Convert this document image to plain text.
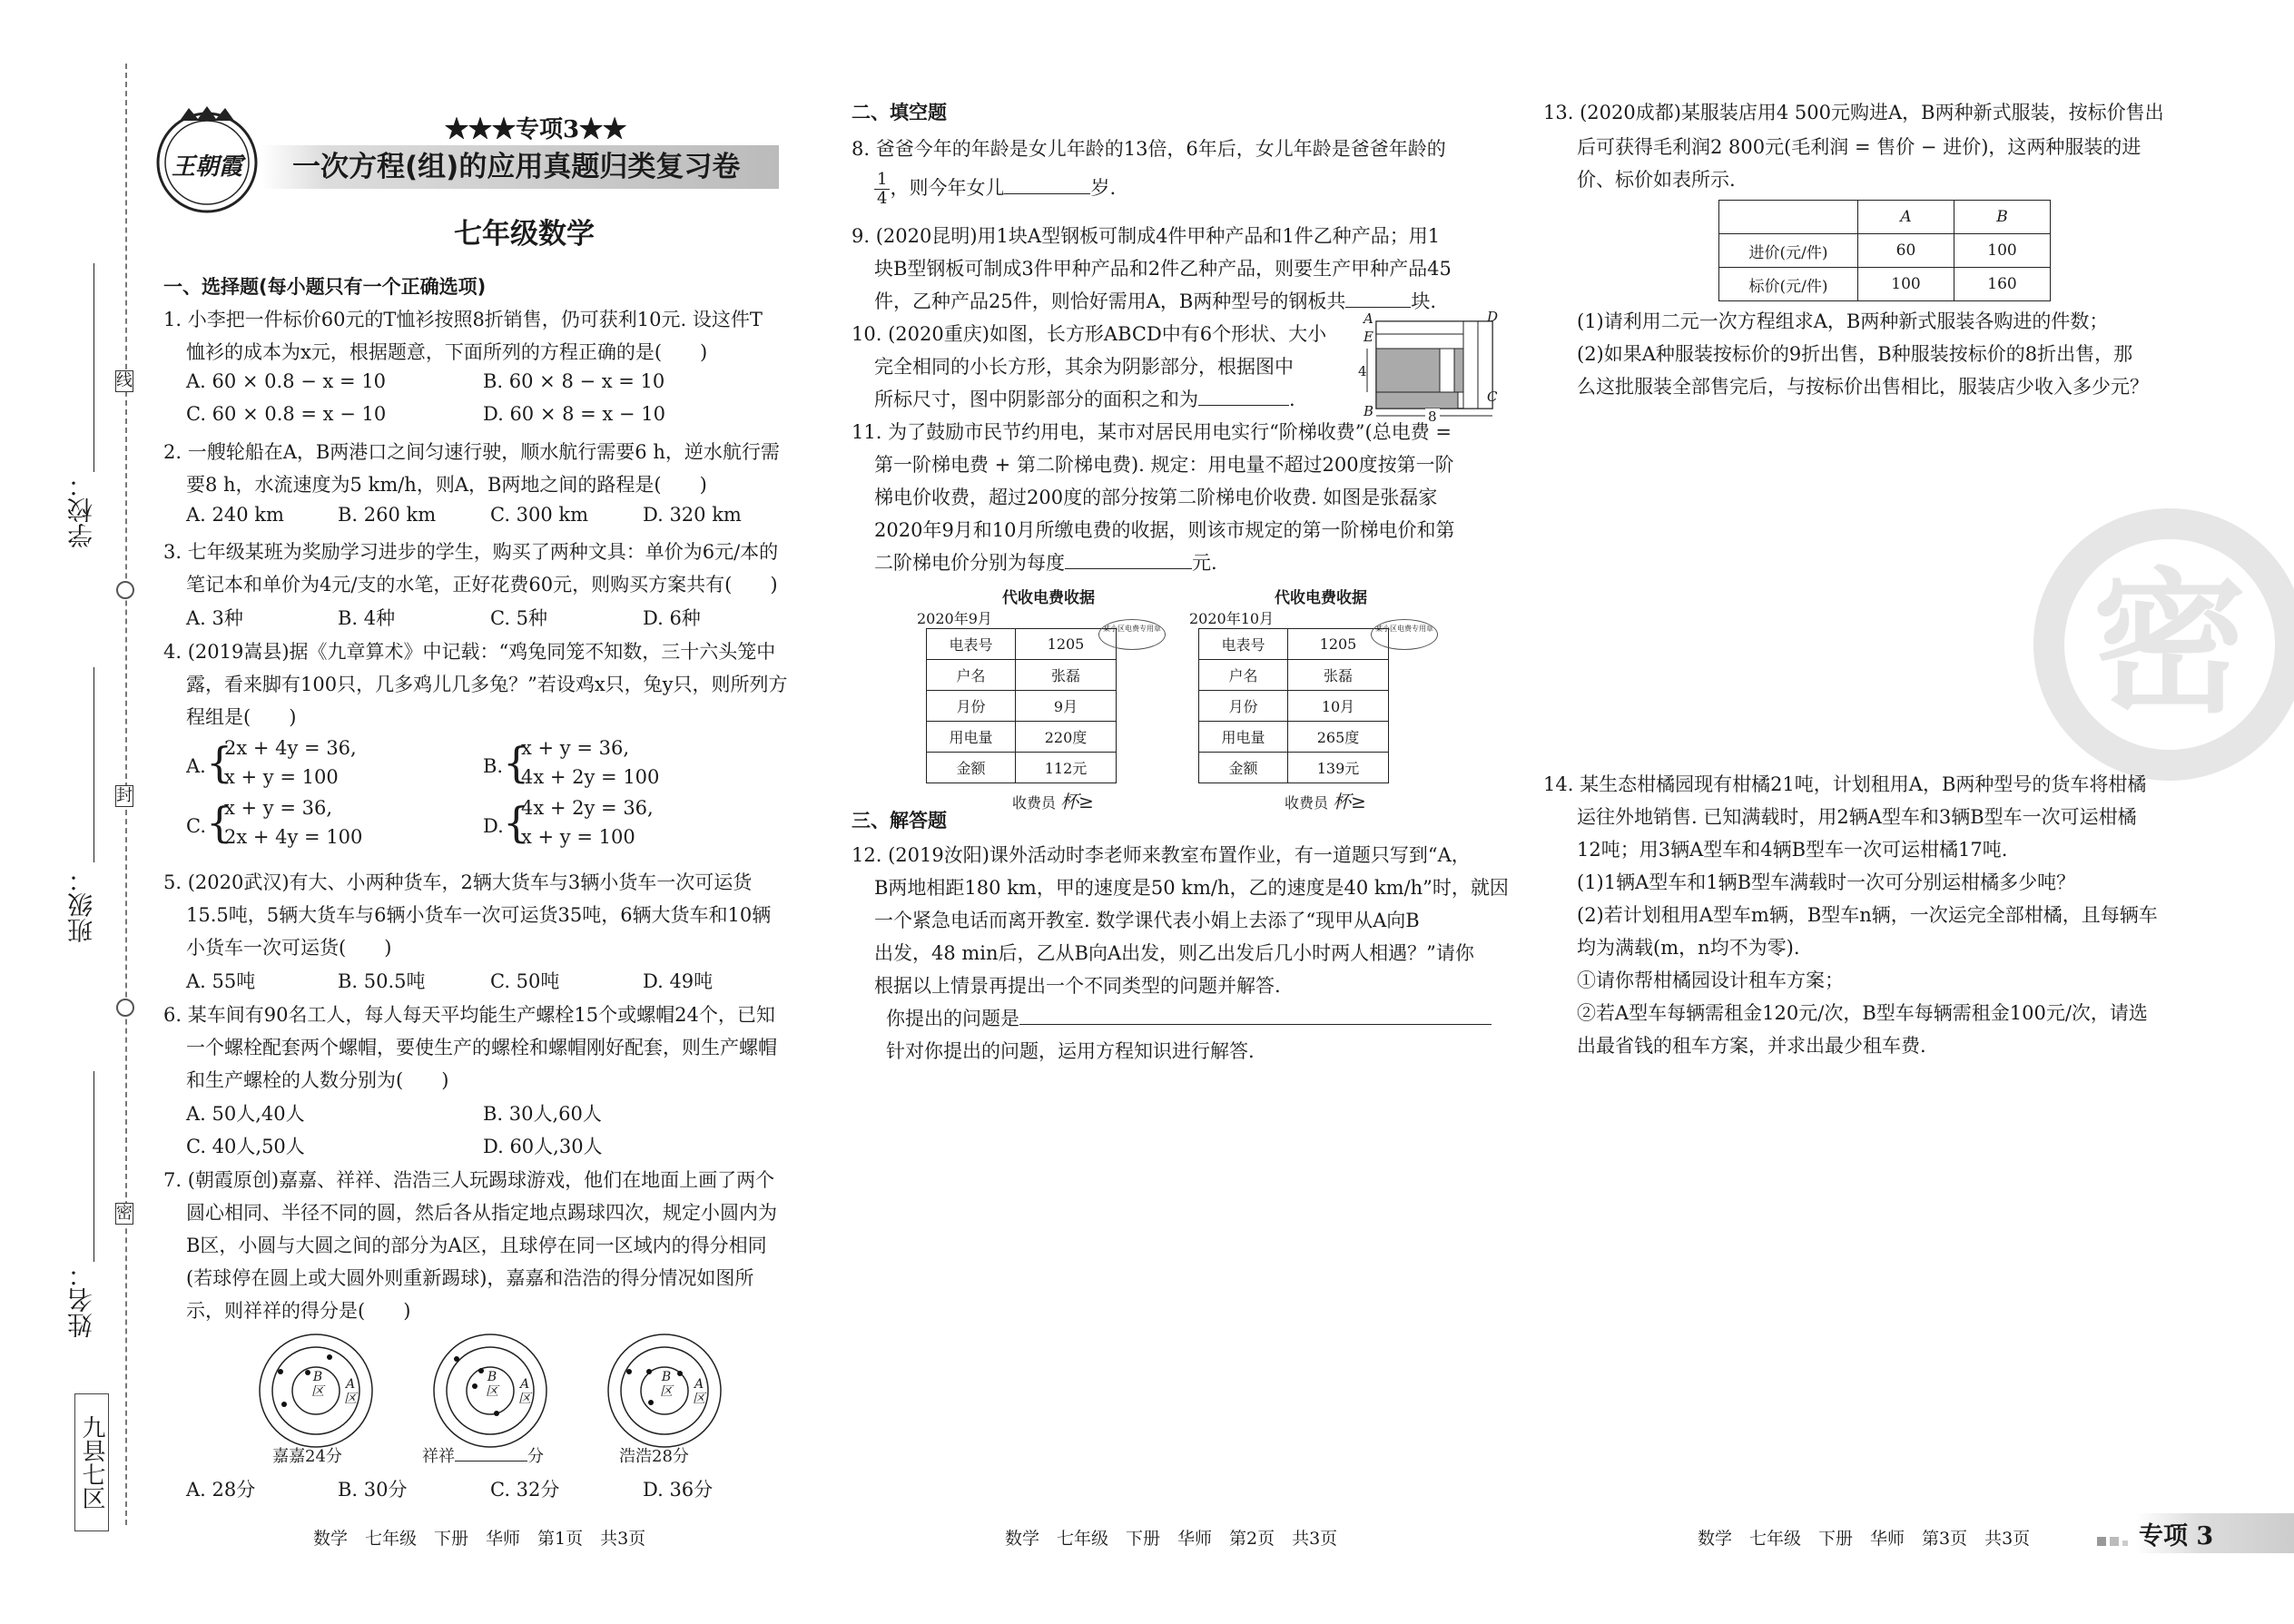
学校：
班级：
姓名：
线
封
密
九县七区
王朝霞
★★★专项3★★
一次方程(组)的应用真题归类复习卷
七年级数学
一、选择题(每小题只有一个正确选项)
1. 小李把一件标价60元的T恤衫按照8折销售，仍可获利10元. 设这件T
恤衫的成本为x元，根据题意，下面所列的方程正确的是(　　)
A. 60 × 0.8 − x = 10	B. 60 × 8 − x = 10
C. 60 × 0.8 = x − 10	D. 60 × 8 = x − 10
2. 一艘轮船在A，B两港口之间匀速行驶，顺水航行需要6 h，逆水航行需
要8 h，水流速度为5 km/h，则A，B两地之间的路程是(　　)
A. 240 km	B. 260 km	C. 300 km	D. 320 km
3. 七年级某班为奖励学习进步的学生，购买了两种文具：单价为6元/本的
笔记本和单价为4元/支的水笔，正好花费60元，则购买方案共有(　　)
A. 3种	B. 4种	C. 5种	D. 6种
4. (2019嵩县)据《九章算术》中记载：“鸡兔同笼不知数，三十六头笼中
露，看来脚有100只，几多鸡儿几多兔？”若设鸡x只，兔y只，则所列方
程组是(　　)
A. {
2x + 4y = 36,
x + y = 100	B. {
x + y = 36,
4x + 2y = 100
C. {
x + y = 36,
2x + 4y = 100	D. {
4x + 2y = 36,
x + y = 100
5. (2020武汉)有大、小两种货车，2辆大货车与3辆小货车一次可运货
15.5吨，5辆大货车与6辆小货车一次可运货35吨，6辆大货车和10辆
小货车一次可运货(　　)
A. 55吨	B. 50.5吨	C. 50吨	D. 49吨
6. 某车间有90名工人，每人每天平均能生产螺栓15个或螺帽24个，已知
一个螺栓配套两个螺帽，要使生产的螺栓和螺帽刚好配套，则生产螺帽
和生产螺栓的人数分别为(　　)
A. 50人,40人	B. 30人,60人
C. 40人,50人	D. 60人,30人
7. (朝霞原创)嘉嘉、祥祥、浩浩三人玩踢球游戏，他们在地面上画了两个
圆心相同、半径不同的圆，然后各从指定地点踢球四次，规定小圆内为
B区，小圆与大圆之间的部分为A区，且球停在同一区域内的得分相同
(若球停在圆上或大圆外则重新踢球)，嘉嘉和浩浩的得分情况如图所
示，则祥祥的得分是(　　)
B
区 A
区
B
区 A
区
B
区 A
区
嘉嘉24分	祥祥	分	浩浩28分
A. 28分	B. 30分	C. 32分	D. 36分
二、填空题
8. 爸爸今年的年龄是女儿年龄的13倍，6年后，女儿年龄是爸爸年龄的
$\frac{1}{4}$ ，则今年女儿	岁.
9. (2020昆明)用1块A型钢板可制成4件甲种产品和1件乙种产品；用1
块B型钢板可制成3件甲种产品和2件乙种产品，则要生产甲种产品45
件，乙种产品25件，则恰好需用A，B两种型号的钢板共	块.
10. (2020重庆)如图，长方形ABCD中有6个形状、大小
完全相同的小长方形，其余为阴影部分，根据图中
所标尺寸，图中阴影部分的面积之和为	.
A	D
B
C
E
4
8
11. 为了鼓励市民节约用电，某市对居民用电实行“阶梯收费”(总电费 =
第一阶梯电费 + 第二阶梯电费). 规定：用电量不超过200度按第一阶
梯电价收费，超过200度的部分按第二阶梯电价收费. 如图是张磊家
2020年9月和10月所缴电费的收据，则该市规定的第一阶梯电价和第
二阶梯电价分别为每度	元.
代收电费收据
2020年9月
电表号	1205
户名	张磊
月份	9月
用电量	220度
金额	112元
某小区电费专用章
收费员 杯≥
代收电费收据
2020年10月
电表号	1205
户名	张磊
月份	10月
用电量	265度
金额	139元
某小区电费专用章
收费员 杯≥
三、解答题
12. (2019汝阳)课外活动时李老师来教室布置作业，有一道题只写到“A，
B两地相距180 km，甲的速度是50 km/h，乙的速度是40 km/h”时，就因
一个紧急电话而离开教室. 数学课代表小娟上去添了“现甲从A向B
出发，48 min后，乙从B向A出发，则乙出发后几小时两人相遇？”请你
根据以上情景再提出一个不同类型的问题并解答.
你提出的问题是
针对你提出的问题，运用方程知识进行解答.
13. (2020成都)某服装店用4 500元购进A，B两种新式服装，按标价售出
后可获得毛利润2 800元(毛利润 = 售价 − 进价)，这两种服装的进
价、标价如表所示.
	A	B
进价(元/件)	60	100
标价(元/件)	100	160
(1)请利用二元一次方程组求A，B两种新式服装各购进的件数；
(2)如果A种服装按标价的9折出售，B种服装按标价的8折出售，那
么这批服装全部售完后，与按标价出售相比，服装店少收入多少元？
密
14. 某生态柑橘园现有柑橘21吨，计划租用A，B两种型号的货车将柑橘
运往外地销售. 已知满载时，用2辆A型车和3辆B型车一次可运柑橘
12吨；用3辆A型车和4辆B型车一次可运柑橘17吨.
(1)1辆A型车和1辆B型车满载时一次可分别运柑橘多少吨？
(2)若计划租用A型车m辆，B型车n辆，一次运完全部柑橘，且每辆车
均为满载(m，n均不为零).
①请你帮柑橘园设计租车方案；
②若A型车每辆需租金120元/次，B型车每辆需租金100元/次，请选
出最省钱的租车方案，并求出最少租车费.
数学　七年级　下册　华师　第1页　共3页	数学　七年级　下册　华师　第2页　共3页	数学　七年级　下册　华师　第3页　共3页	专项 3
